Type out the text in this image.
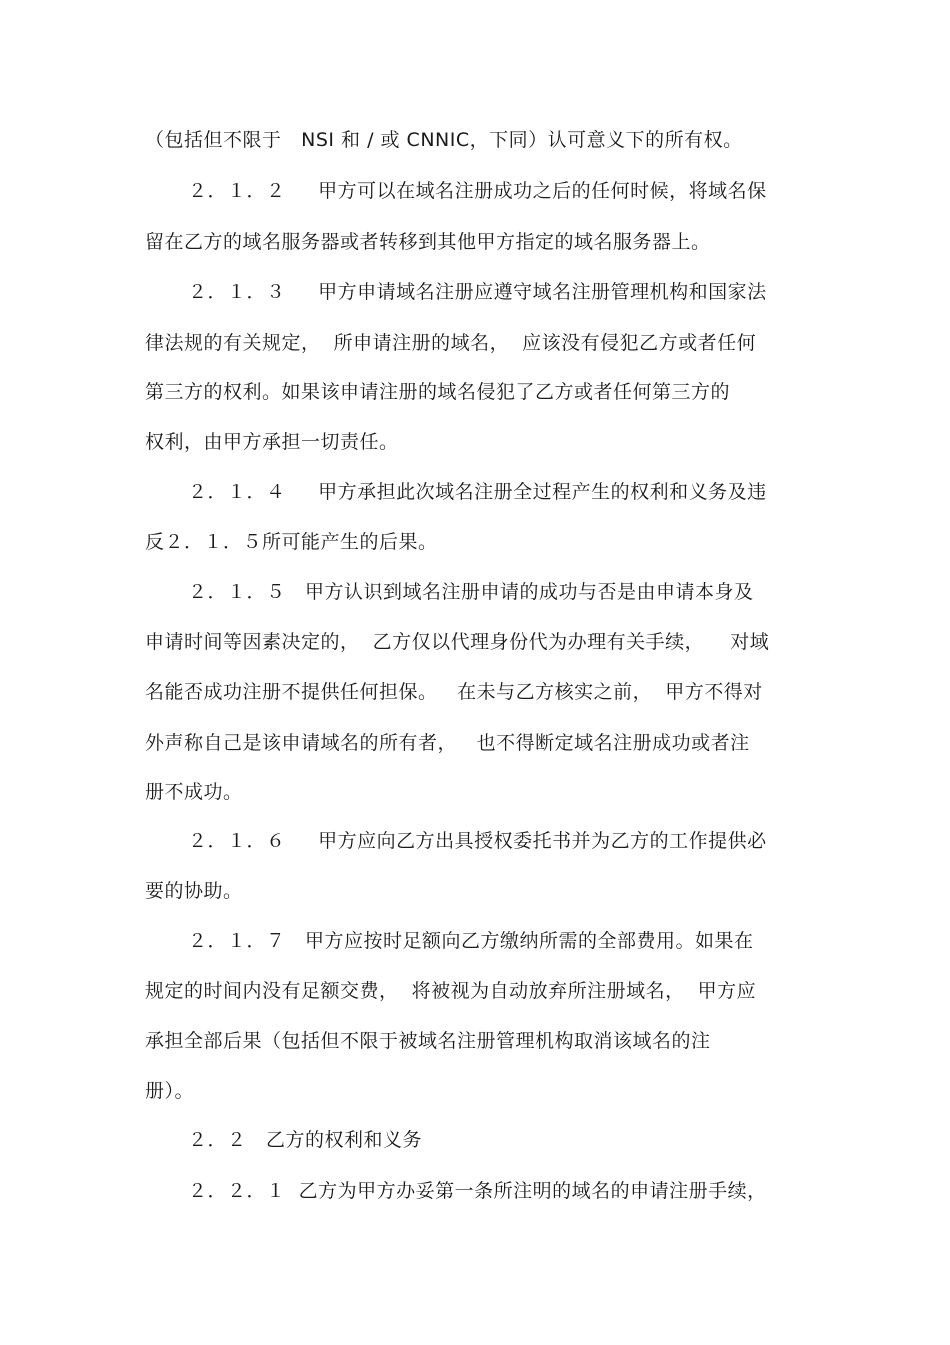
（包括但不限于   NSI 和 / 或 CNNIC，下同）认可意义下的所有权。
２．１．２　  甲方可以在域名注册成功之后的任何时候，将域名保
留在乙方的域名服务器或者转移到其他甲方指定的域名服务器上。
２．１．３　  甲方申请域名注册应遵守域名注册管理机构和国家法
律法规的有关规定，  所申请注册的域名，  应该没有侵犯乙方或者任何
第三方的权利。如果该申请注册的域名侵犯了乙方或者任何第三方的
权利，由甲方承担一切责任。
２．１．４　  甲方承担此次域名注册全过程产生的权利和义务及违
反２．１．５所可能产生的后果。
２．１．５　甲方认识到域名注册申请的成功与否是由申请本身及
申请时间等因素决定的，  乙方仅以代理身份代为办理有关手续，    对域
名能否成功注册不提供任何担保。   在未与乙方核实之前，  甲方不得对
外声称自己是该申请域名的所有者，   也不得断定域名注册成功或者注
册不成功。
２．１．６　  甲方应向乙方出具授权委托书并为乙方的工作提供必
要的协助。
２．１．７　甲方应按时足额向乙方缴纳所需的全部费用。如果在
规定的时间内没有足额交费，  将被视为自动放弃所注册域名，  甲方应
承担全部后果（包括但不限于被域名注册管理机构取消该域名的注
册）。
２．２　乙方的权利和义务
２．２．１  乙方为甲方办妥第一条所注明的域名的申请注册手续，
